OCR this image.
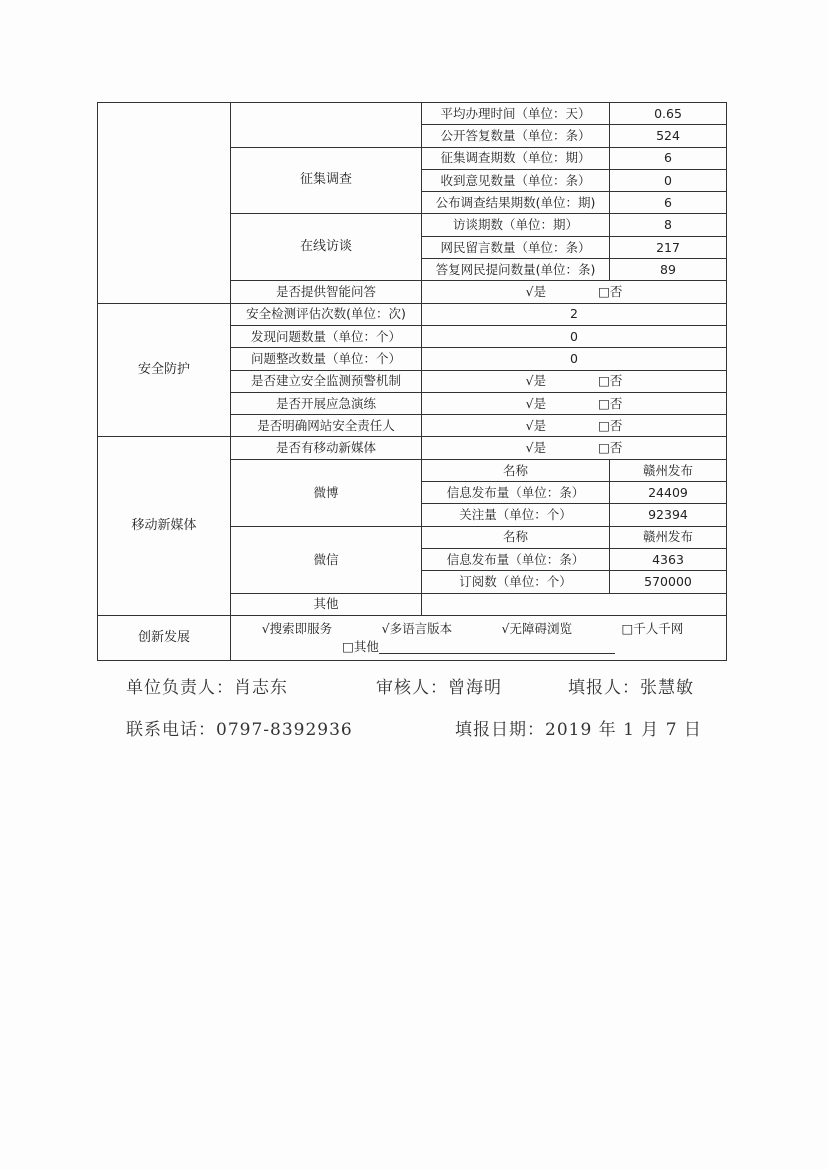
		平均办理时间（单位：天）	0.65
		公开答复数量（单位：条）	524
	征集调查	征集调查期数（单位：期）	6
		收到意见数量（单位：条）	0
		公布调查结果期数(单位：期)	6
	在线访谈	访谈期数（单位：期）	8
		网民留言数量（单位：条）	217
		答复网民提问数量(单位：条)	89
	是否提供智能问答	√是 □否	
安全防护	安全检测评估次数(单位：次)	2	
	发现问题数量（单位：个）	0	
	问题整改数量（单位：个）	0	
	是否建立安全监测预警机制	√是 □否	
	是否开展应急演练	√是 □否	
	是否明确网站安全责任人	√是 □否	
移动新媒体	是否有移动新媒体	√是 □否	
	微博	名称	赣州发布
		信息发布量（单位：条）	24409
		关注量（单位：个）	92394
	微信	名称	赣州发布
		信息发布量（单位：条）	4363
		订阅数（单位：个）	570000
	其他		
创新发展	√搜索即服务 √多语言版本 √无障碍浏览 □千人千网
□其他		
单位负责人：肖志东	审核人：曾海明	填报人：张慧敏
联系电话：0797-8392936	填报日期：2019 年 1 月 7 日
